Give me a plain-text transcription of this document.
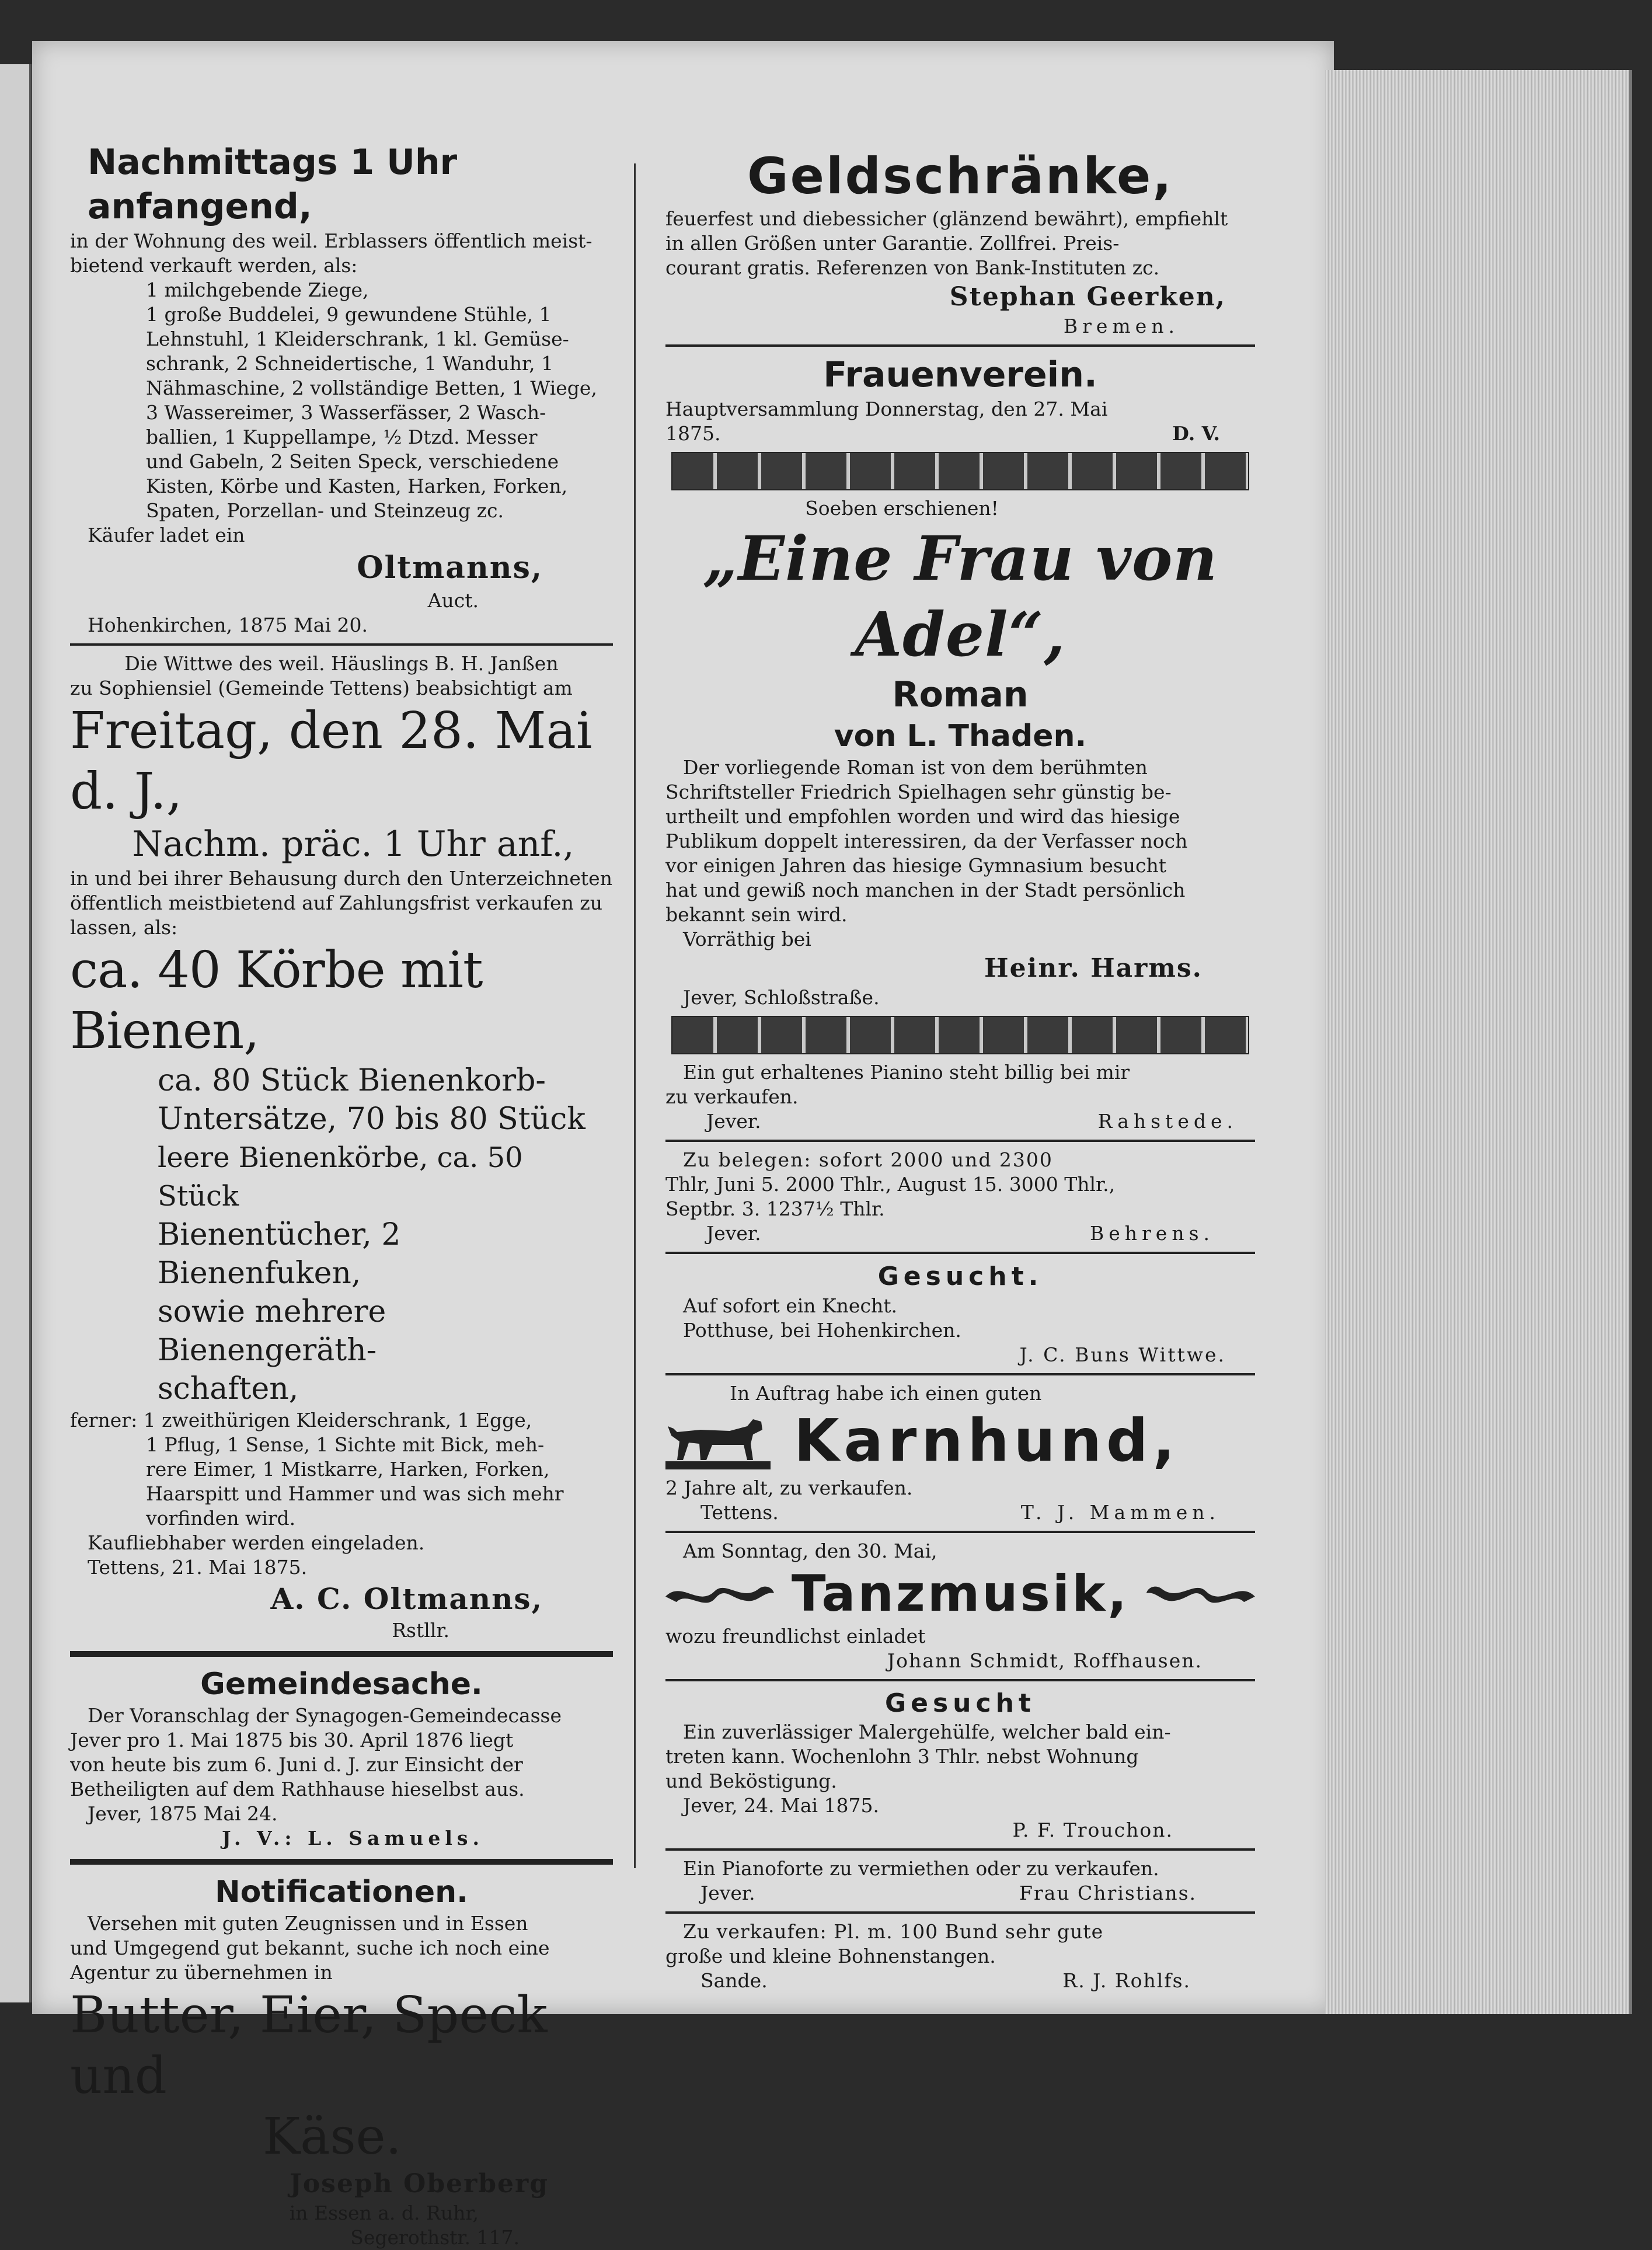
Nachmittags 1 Uhr anfangend,
in der Wohnung des weil. Erblassers öffentlich meist-
bietend verkauft werden, als:
1 milchgebende Ziege,
1 große Buddelei, 9 gewundene Stühle, 1
Lehnstuhl, 1 Kleiderschrank, 1 kl. Gemüse-
schrank, 2 Schneidertische, 1 Wanduhr, 1
Nähmaschine, 2 vollständige Betten, 1 Wiege,
3 Wassereimer, 3 Wasserfässer, 2 Wasch-
ballien, 1 Kuppellampe, ½ Dtzd. Messer
und Gabeln, 2 Seiten Speck, verschiedene
Kisten, Körbe und Kasten, Harken, Forken,
Spaten, Porzellan- und Steinzeug zc.
Käufer ladet ein
Oltmanns,
Auct.
Hohenkirchen, 1875 Mai 20.
Die Wittwe des weil. Häuslings B. H. Janßen
zu Sophiensiel (Gemeinde Tettens) beabsichtigt am
Freitag, den 28. Mai d. J.,
Nachm. präc. 1 Uhr anf.,
in und bei ihrer Behausung durch den Unterzeichneten
öffentlich meistbietend auf Zahlungsfrist verkaufen zu
lassen, als:
ca. 40 Körbe mit Bienen,
ca. 80 Stück Bienenkorb-
Untersätze, 70 bis 80 Stück
leere Bienenkörbe, ca. 50 Stück
Bienentücher, 2 Bienenfuken,
sowie mehrere Bienengeräth-
schaften,
ferner: 1 zweithürigen Kleiderschrank, 1 Egge,
1 Pflug, 1 Sense, 1 Sichte mit Bick, meh-
rere Eimer, 1 Mistkarre, Harken, Forken,
Haarspitt und Hammer und was sich mehr
vorfinden wird.
Kaufliebhaber werden eingeladen.
Tettens, 21. Mai 1875.
A. C. Oltmanns,
Rstllr.
Gemeindesache.
Der Voranschlag der Synagogen-Gemeindecasse
Jever pro 1. Mai 1875 bis 30. April 1876 liegt
von heute bis zum 6. Juni d. J. zur Einsicht der
Betheiligten auf dem Rathhause hieselbst aus.
Jever, 1875 Mai 24.
J. V.: L. Samuels.
Notificationen.
Versehen mit guten Zeugnissen und in Essen
und Umgegend gut bekannt, suche ich noch eine
Agentur zu übernehmen in
Butter, Eier, Speck und
Käse.
Joseph Oberberg
in Essen a. d. Ruhr,
Segerothstr. 117.
Geldschränke,
feuerfest und diebessicher (glänzend bewährt), empfiehlt
in allen Größen unter Garantie. Zollfrei. Preis-
courant gratis. Referenzen von Bank-Instituten zc.
Stephan Geerken,
Bremen.
Frauenverein.
Hauptversammlung Donnerstag, den 27. Mai
1875.	D. V.
Soeben erschienen!
„Eine Frau von Adel“,
Roman
von L. Thaden.
Der vorliegende Roman ist von dem berühmten
Schriftsteller Friedrich Spielhagen sehr günstig be-
urtheilt und empfohlen worden und wird das hiesige
Publikum doppelt interessiren, da der Verfasser noch
vor einigen Jahren das hiesige Gymnasium besucht
hat und gewiß noch manchen in der Stadt persönlich
bekannt sein wird.
Vorräthig bei
Heinr. Harms.
Jever, Schloßstraße.
Ein gut erhaltenes Pianino steht billig bei mir
zu verkaufen.
Jever.	Rahstede.
Zu belegen: sofort 2000 und 2300
Thlr, Juni 5. 2000 Thlr., August 15. 3000 Thlr.,
Septbr. 3. 1237½ Thlr.
Jever.	Behrens.
Gesucht.
Auf sofort ein Knecht.
Potthuse, bei Hohenkirchen.
J. C. Buns Wittwe.
In Auftrag habe ich einen guten
Karnhund,
2 Jahre alt, zu verkaufen.
Tettens.	T. J. Mammen.
Am Sonntag, den 30. Mai,
Tanzmusik,
wozu freundlichst einladet
Johann Schmidt, Roffhausen.
Gesucht
Ein zuverlässiger Malergehülfe, welcher bald ein-
treten kann. Wochenlohn 3 Thlr. nebst Wohnung
und Beköstigung.
Jever, 24. Mai 1875.
P. F. Trouchon.
Ein Pianoforte zu vermiethen oder zu verkaufen.
Jever.	Frau Christians.
Zu verkaufen: Pl. m. 100 Bund sehr gute
große und kleine Bohnenstangen.
Sande.	R. J. Rohlfs.
